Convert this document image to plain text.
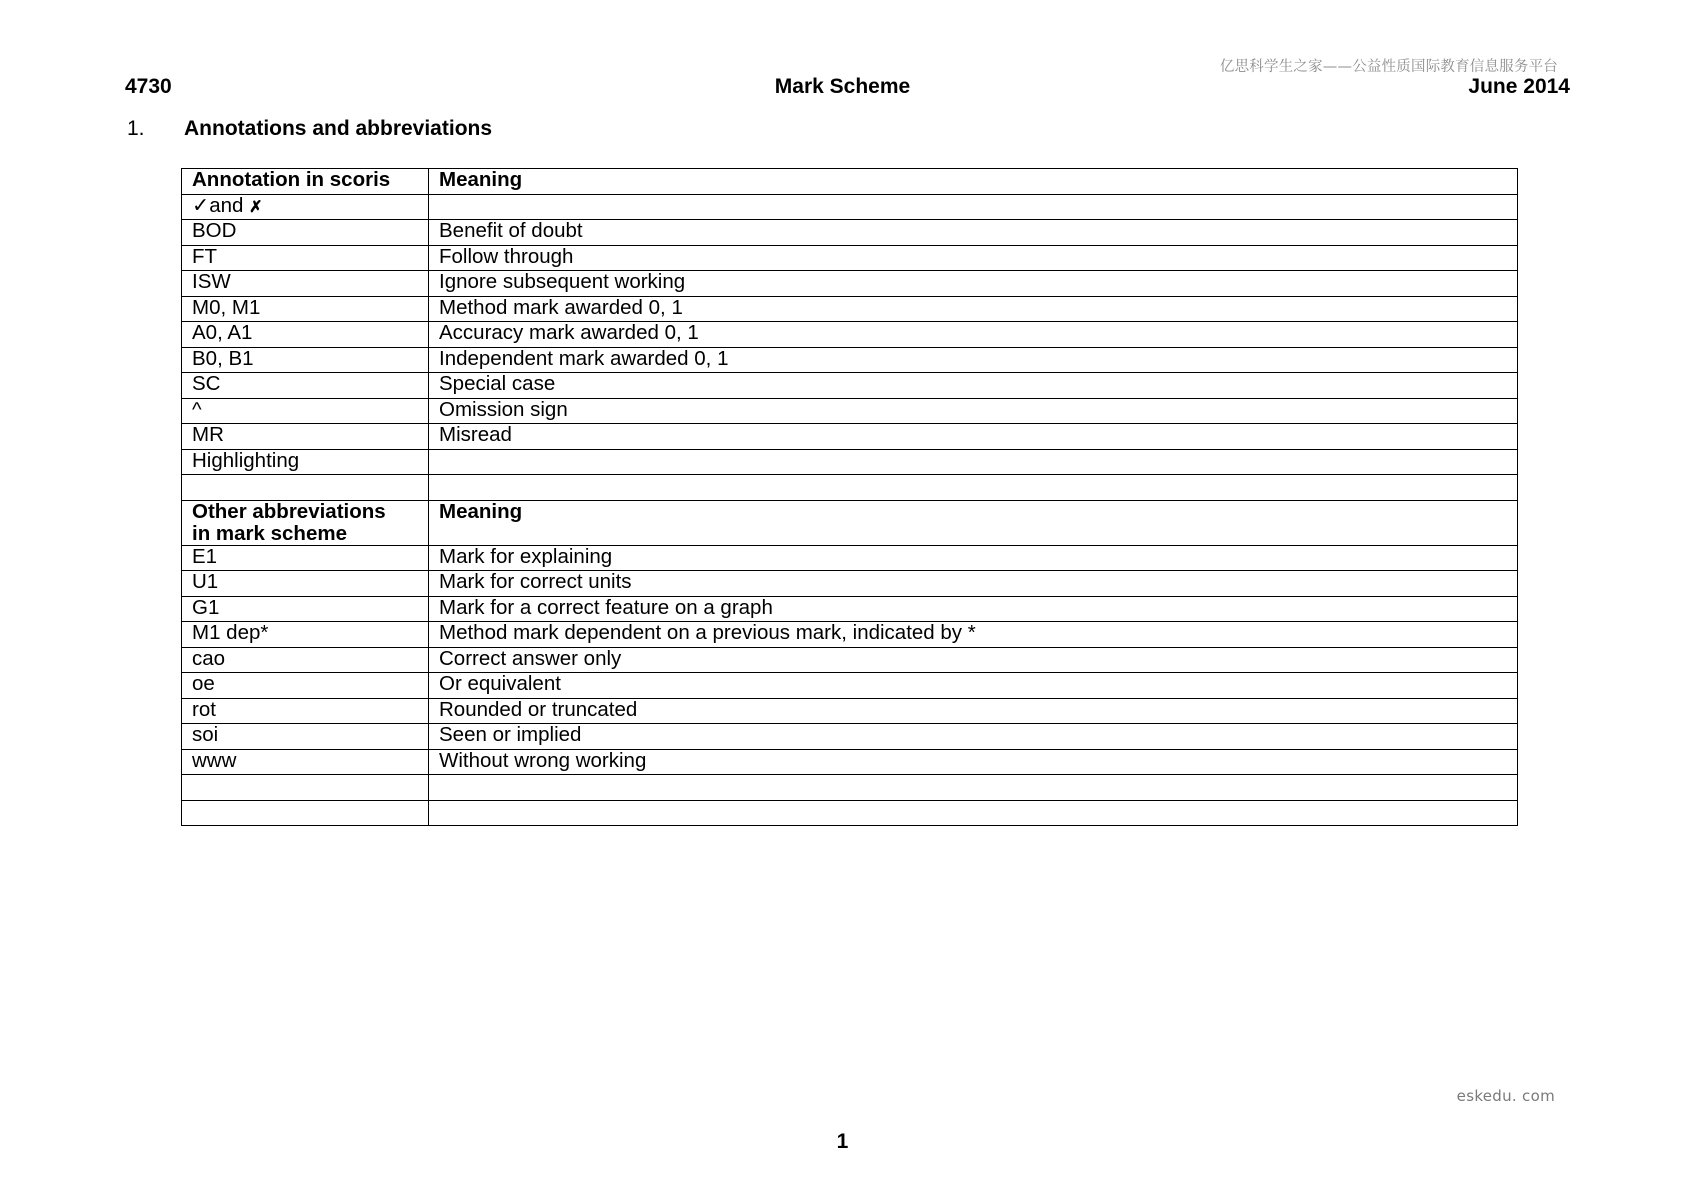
亿思科学生之家——公益性质国际教育信息服务平台
4730	Mark Scheme	June 2014
1.	Annotations and abbreviations
Annotation in scoris	Meaning
✓and ✗	
BOD	Benefit of doubt
FT	Follow through
ISW	Ignore subsequent working
M0, M1	Method mark awarded 0, 1
A0, A1	Accuracy mark awarded 0, 1
B0, B1	Independent mark awarded 0, 1
SC	Special case
^	Omission sign
MR	Misread
Highlighting	

Other abbreviations
in mark scheme	Meaning
E1	Mark for explaining
U1	Mark for correct units
G1	Mark for a correct feature on a graph
M1 dep*	Method mark dependent on a previous mark, indicated by *
cao	Correct answer only
oe	Or equivalent
rot	Rounded or truncated
soi	Seen or implied
www	Without wrong working

eskedu. com
1
